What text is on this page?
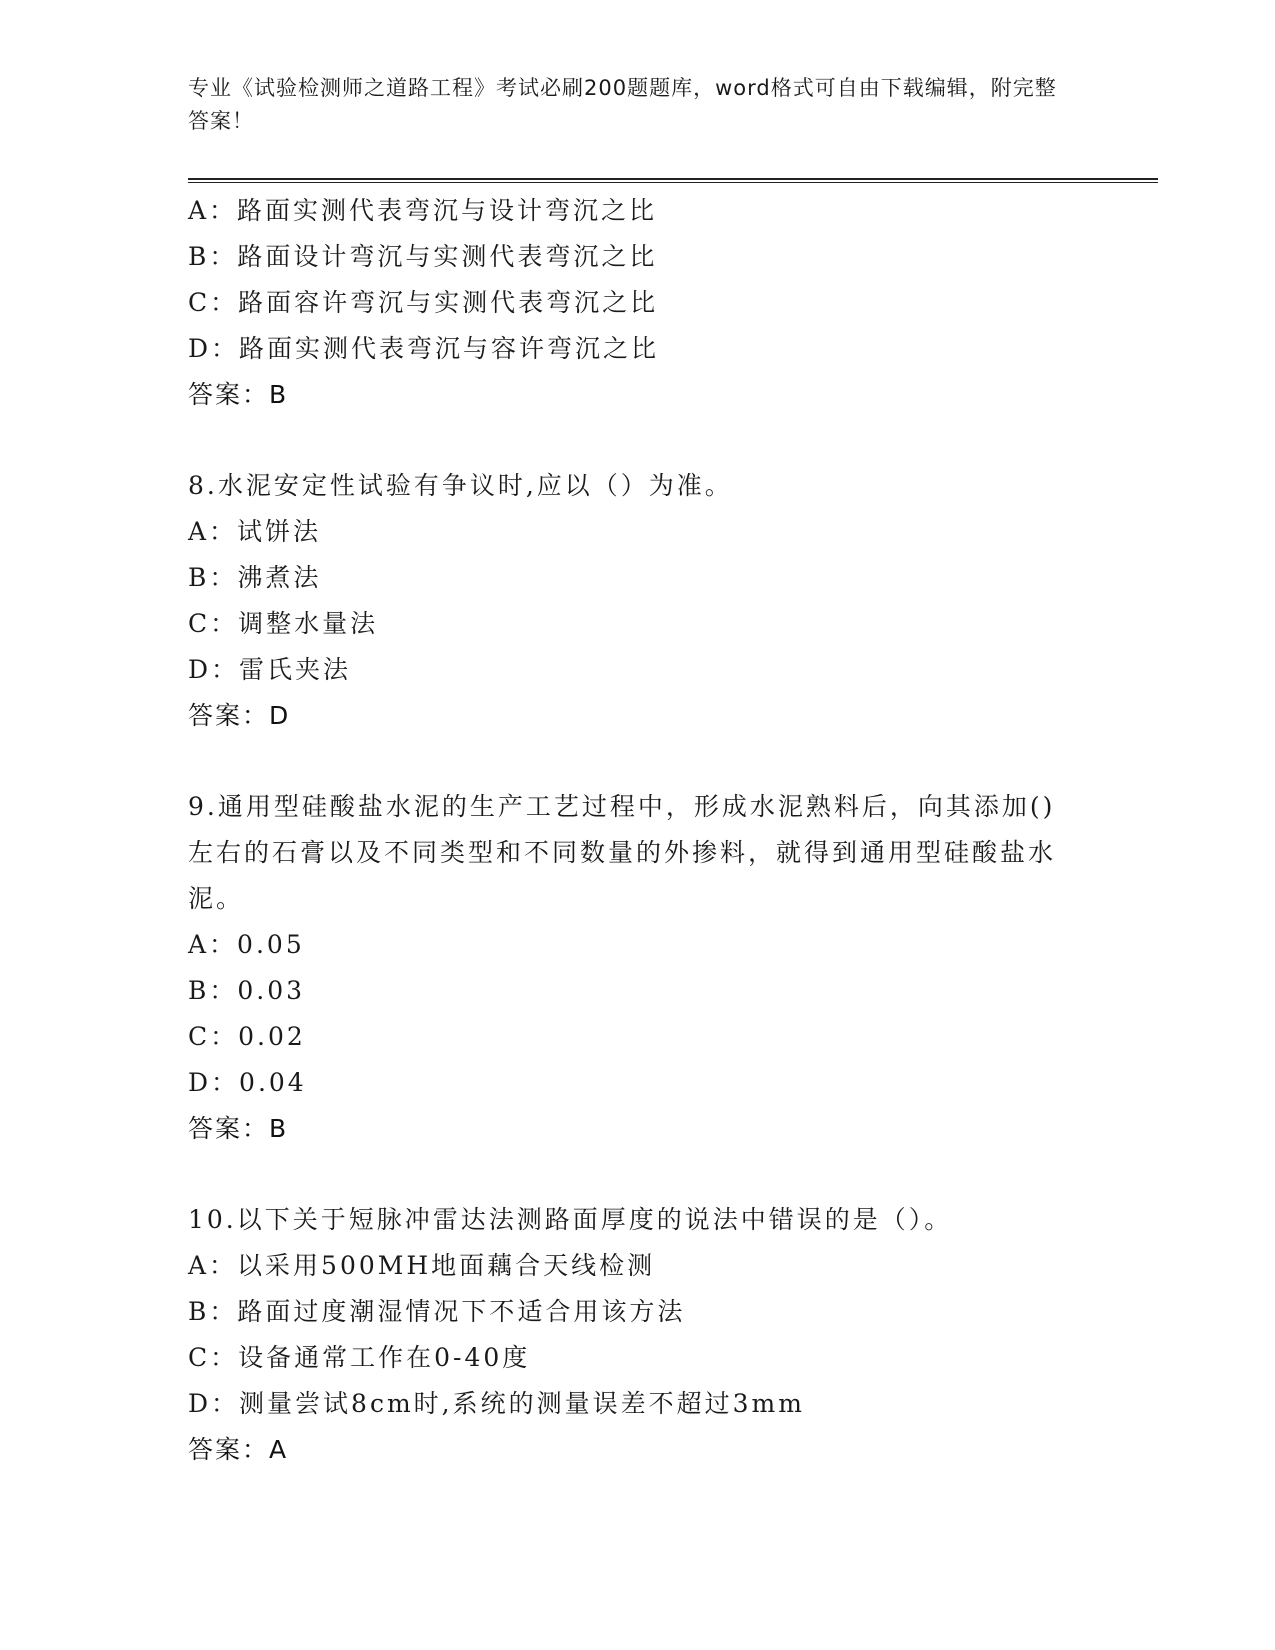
专业《试验检测师之道路工程》考试必刷200题题库，word格式可自由下载编辑，附完整答案！
A：路面实测代表弯沉与设计弯沉之比
B：路面设计弯沉与实测代表弯沉之比
C：路面容许弯沉与实测代表弯沉之比
D：路面实测代表弯沉与容许弯沉之比
答案：B
8.水泥安定性试验有争议时,应以（）为准。
A：试饼法
B：沸煮法
C：调整水量法
D：雷氏夹法
答案：D
9.通用型硅酸盐水泥的生产工艺过程中，形成水泥熟料后，向其添加()左右的石膏以及不同类型和不同数量的外掺料，就得到通用型硅酸盐水泥。
A：0.05
B：0.03
C：0.02
D：0.04
答案：B
10.以下关于短脉冲雷达法测路面厚度的说法中错误的是（）。
A：以采用500MH地面藕合天线检测
B：路面过度潮湿情况下不适合用该方法
C：设备通常工作在0-40度
D：测量尝试8cm时,系统的测量误差不超过3mm
答案：A
